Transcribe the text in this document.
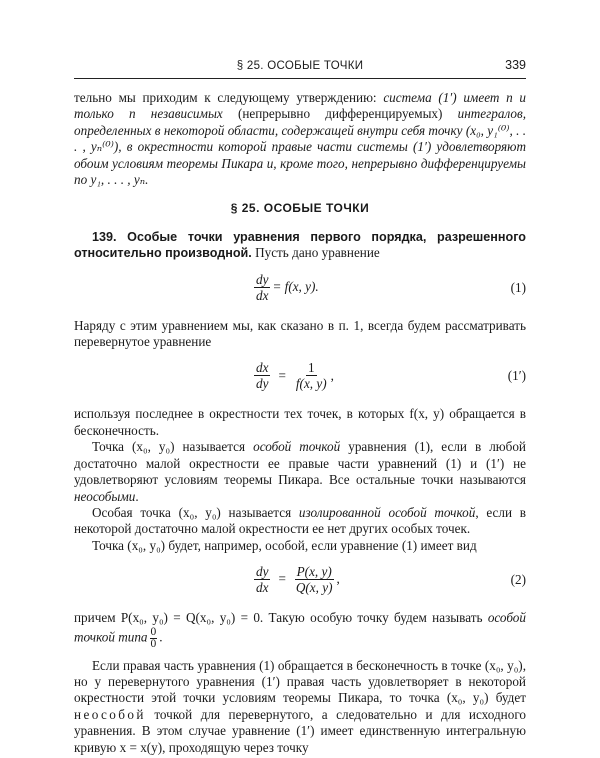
§ 25. ОСОБЫЕ ТОЧКИ	339

тельно мы приходим к следующему утверждению: система (1′) имеет n и только n независимых (непрерывно дифференцируемых) интегралов, определенных в некоторой области, содержащей внутри себя точку (x₀, y₁⁽⁰⁾, . . . , yₙ⁽⁰⁾), в окрестности которой правые части системы (1′) удовлетворяют обоим условиям теоремы Пикара и, кроме того, непрерывно дифференцируемы по y₁, . . . , yₙ.

§ 25. ОСОБЫЕ ТОЧКИ

139. Особые точки уравнения первого порядка, разрешенного относительно производной. Пусть дано уравнение

$\frac{dy}{dx} = f(x$, y).	(1)

Наряду с этим уравнением мы, как сказано в п. 1, всегда будем рассматривать перевернутое уравнение

$\frac{dx}{dy} = \frac{1}{f(x, y)}$ ,	(1′)

используя последнее в окрестности тех точек, в которых f(x, y) обращается в бесконечность.

Точка (x₀, y₀) называется особой точкой уравнения (1), если в любой достаточно малой окрестности ее правые части уравнений (1) и (1′) не удовлетворяют условиям теоремы Пикара. Все остальные точки называются неособыми.

Особая точка (x₀, y₀) называется изолированной особой точкой, если в некоторой достаточно малой окрестности ее нет других особых точек.

Точка (x₀, y₀) будет, например, особой, если уравнение (1) имеет вид

$\frac{dy}{dx} = \frac{P(x, y)}{Q(x, y)}$ ,	(2)

причем P(x₀, y₀) = Q(x₀, y₀) = 0. Такую особую точку будем называть особой точкой типа $\frac{0}{0}$ .

Если правая часть уравнения (1) обращается в бесконечность в точке (x₀, y₀), но у перевернутого уравнения (1′) правая часть удовлетворяет в некоторой окрестности этой точки условиям теоремы Пикара, то точка (x₀, y₀) будет неособой точкой для перевернутого, а следовательно и для исходного уравнения. В этом случае уравнение (1′) имеет единственную интегральную кривую x = x(y), проходящую через точку
